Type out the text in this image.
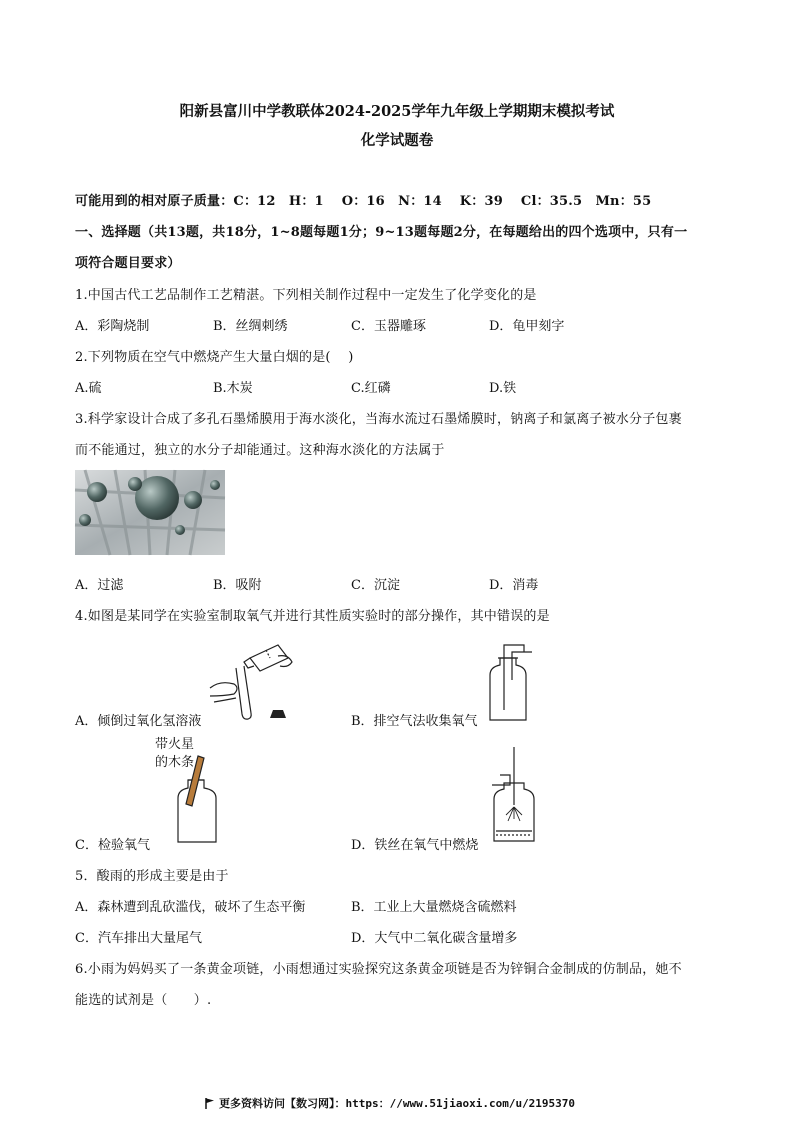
阳新县富川中学教联体2024-2025学年九年级上学期期末模拟考试
化学试题卷
可能用到的相对原子质量：C：12　H：1　 O：16　N：14　 K：39　 Cl：35.5　Mn：55
一、选择题（共13题，共18分，1~8题每题1分；9~13题每题2分，在每题给出的四个选项中，只有一
项符合题目要求）
1.中国古代工艺品制作工艺精湛。下列相关制作过程中一定发生了化学变化的是
A．彩陶烧制	B．丝绸刺绣	C．玉器雕琢	D．龟甲刻字
2.下列物质在空气中燃烧产生大量白烟的是(　 )
A.硫	B.木炭	C.红磷	D.铁
3.科学家设计合成了多孔石墨烯膜用于海水淡化，当海水流过石墨烯膜时，钠离子和氯离子被水分子包裹
而不能通过，独立的水分子却能通过。这种海水淡化的方法属于
A．过滤	B．吸附	C．沉淀	D．消毒
4.如图是某同学在实验室制取氧气并进行其性质实验时的部分操作，其中错误的是
A．倾倒过氧化氢溶液	B．排空气法收集氧气
带火星
的木条
C．检验氧气	D．铁丝在氧气中燃烧
5．酸雨的形成主要是由于
A．森林遭到乱砍滥伐，破坏了生态平衡	B．工业上大量燃烧含硫燃料
C．汽车排出大量尾气	D．大气中二氧化碳含量增多
6.小雨为妈妈买了一条黄金项链，小雨想通过实验探究这条黄金项链是否为锌铜合金制成的仿制品，她不
能选的试剂是（　　）.
更多资料访问【数习网】：https：//www.51jiaoxi.com/u/2195370
